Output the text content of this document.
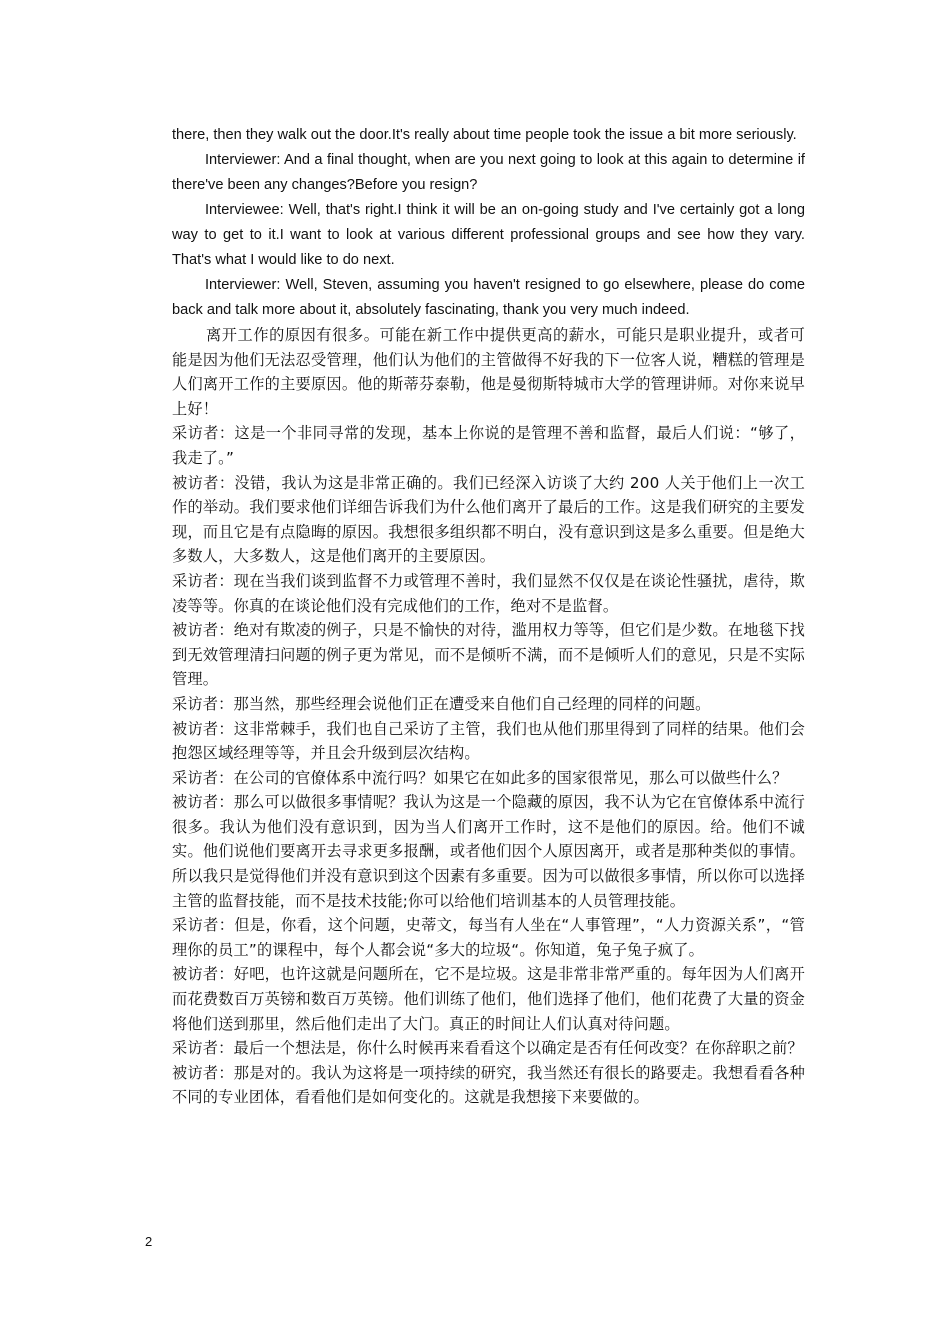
there, then they walk out the door.It's really about time people took the issue a bit more seriously.

Interviewer: And a final thought, when are you next going to look at this again to determine if there've been any changes?Before you resign?

Interviewee: Well, that's right.I think it will be an on-going study and I've certainly got a long way to get to it.I want to look at various different professional groups and see how they vary. That's what I would like to do next.

Interviewer: Well, Steven, assuming you haven't resigned to go elsewhere, please do come back and talk more about it, absolutely fascinating, thank you very much indeed.

离开工作的原因有很多。可能在新工作中提供更高的薪水，可能只是职业提升，或者可能是因为他们无法忍受管理，他们认为他们的主管做得不好我的下一位客人说，糟糕的管理是人们离开工作的主要原因。他的斯蒂芬泰勒，他是曼彻斯特城市大学的管理讲师。对你来说早上好！

采访者：这是一个非同寻常的发现，基本上你说的是管理不善和监督，最后人们说：“够了，我走了。”

被访者：没错，我认为这是非常正确的。我们已经深入访谈了大约 200 人关于他们上一次工作的举动。我们要求他们详细告诉我们为什么他们离开了最后的工作。这是我们研究的主要发现，而且它是有点隐晦的原因。我想很多组织都不明白，没有意识到这是多么重要。但是绝大多数人，大多数人，这是他们离开的主要原因。

采访者：现在当我们谈到监督不力或管理不善时，我们显然不仅仅是在谈论性骚扰，虐待，欺凌等等。你真的在谈论他们没有完成他们的工作，绝对不是监督。

被访者：绝对有欺凌的例子，只是不愉快的对待，滥用权力等等，但它们是少数。在地毯下找到无效管理清扫问题的例子更为常见，而不是倾听不满，而不是倾听人们的意见，只是不实际管理。

采访者：那当然，那些经理会说他们正在遭受来自他们自己经理的同样的问题。

被访者：这非常棘手，我们也自己采访了主管，我们也从他们那里得到了同样的结果。他们会抱怨区域经理等等，并且会升级到层次结构。

采访者：在公司的官僚体系中流行吗？如果它在如此多的国家很常见，那么可以做些什么？

被访者：那么可以做很多事情呢？我认为这是一个隐藏的原因，我不认为它在官僚体系中流行很多。我认为他们没有意识到，因为当人们离开工作时，这不是他们的原因。给。他们不诚实。他们说他们要离开去寻求更多报酬，或者他们因个人原因离开，或者是那种类似的事情。所以我只是觉得他们并没有意识到这个因素有多重要。因为可以做很多事情，所以你可以选择主管的监督技能，而不是技术技能;你可以给他们培训基本的人员管理技能。

采访者：但是，你看，这个问题，史蒂文，每当有人坐在“人事管理”，“人力资源关系”，“管理你的员工”的课程中，每个人都会说“多大的垃圾“。你知道，兔子兔子疯了。

被访者：好吧，也许这就是问题所在，它不是垃圾。这是非常非常严重的。每年因为人们离开而花费数百万英镑和数百万英镑。他们训练了他们，他们选择了他们，他们花费了大量的资金将他们送到那里，然后他们走出了大门。真正的时间让人们认真对待问题。

采访者：最后一个想法是，你什么时候再来看看这个以确定是否有任何改变？在你辞职之前？

被访者：那是对的。我认为这将是一项持续的研究，我当然还有很长的路要走。我想看看各种不同的专业团体，看看他们是如何变化的。这就是我想接下来要做的。

2
